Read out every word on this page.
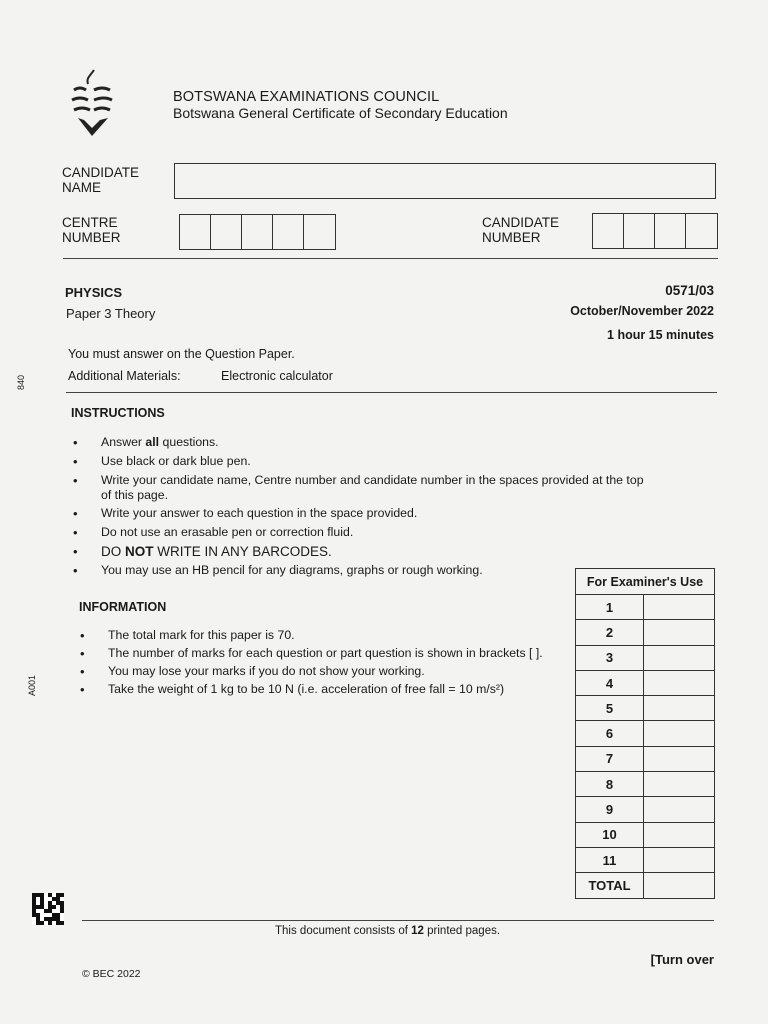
BOTSWANA EXAMINATIONS COUNCIL
Botswana General Certificate of Secondary Education
CANDIDATE
NAME
CENTRE
NUMBER
CANDIDATE
NUMBER
PHYSICS
Paper 3 Theory
0571/03
October/November 2022
1 hour 15 minutes
You must answer on the Question Paper.
Additional Materials:	Electronic calculator
INSTRUCTIONS
• Answer all questions.
• Use black or dark blue pen.
• Write your candidate name, Centre number and candidate number in the spaces provided at the top of this page.
• Write your answer to each question in the space provided.
• Do not use an erasable pen or correction fluid.
• DO NOT WRITE IN ANY BARCODES.
• You may use an HB pencil for any diagrams, graphs or rough working.
INFORMATION
• The total mark for this paper is 70.
• The number of marks for each question or part question is shown in brackets [ ].
• You may lose your marks if you do not show your working.
• Take the weight of 1 kg to be 10 N (i.e. acceleration of free fall = 10 m/s²)
For Examiner's Use	
1	
2	
3	
4	
5	
6	
7	
8	
9	
10	
11	
TOTAL	
This document consists of 12 printed pages.
[Turn over
© BEC 2022
840
A001
